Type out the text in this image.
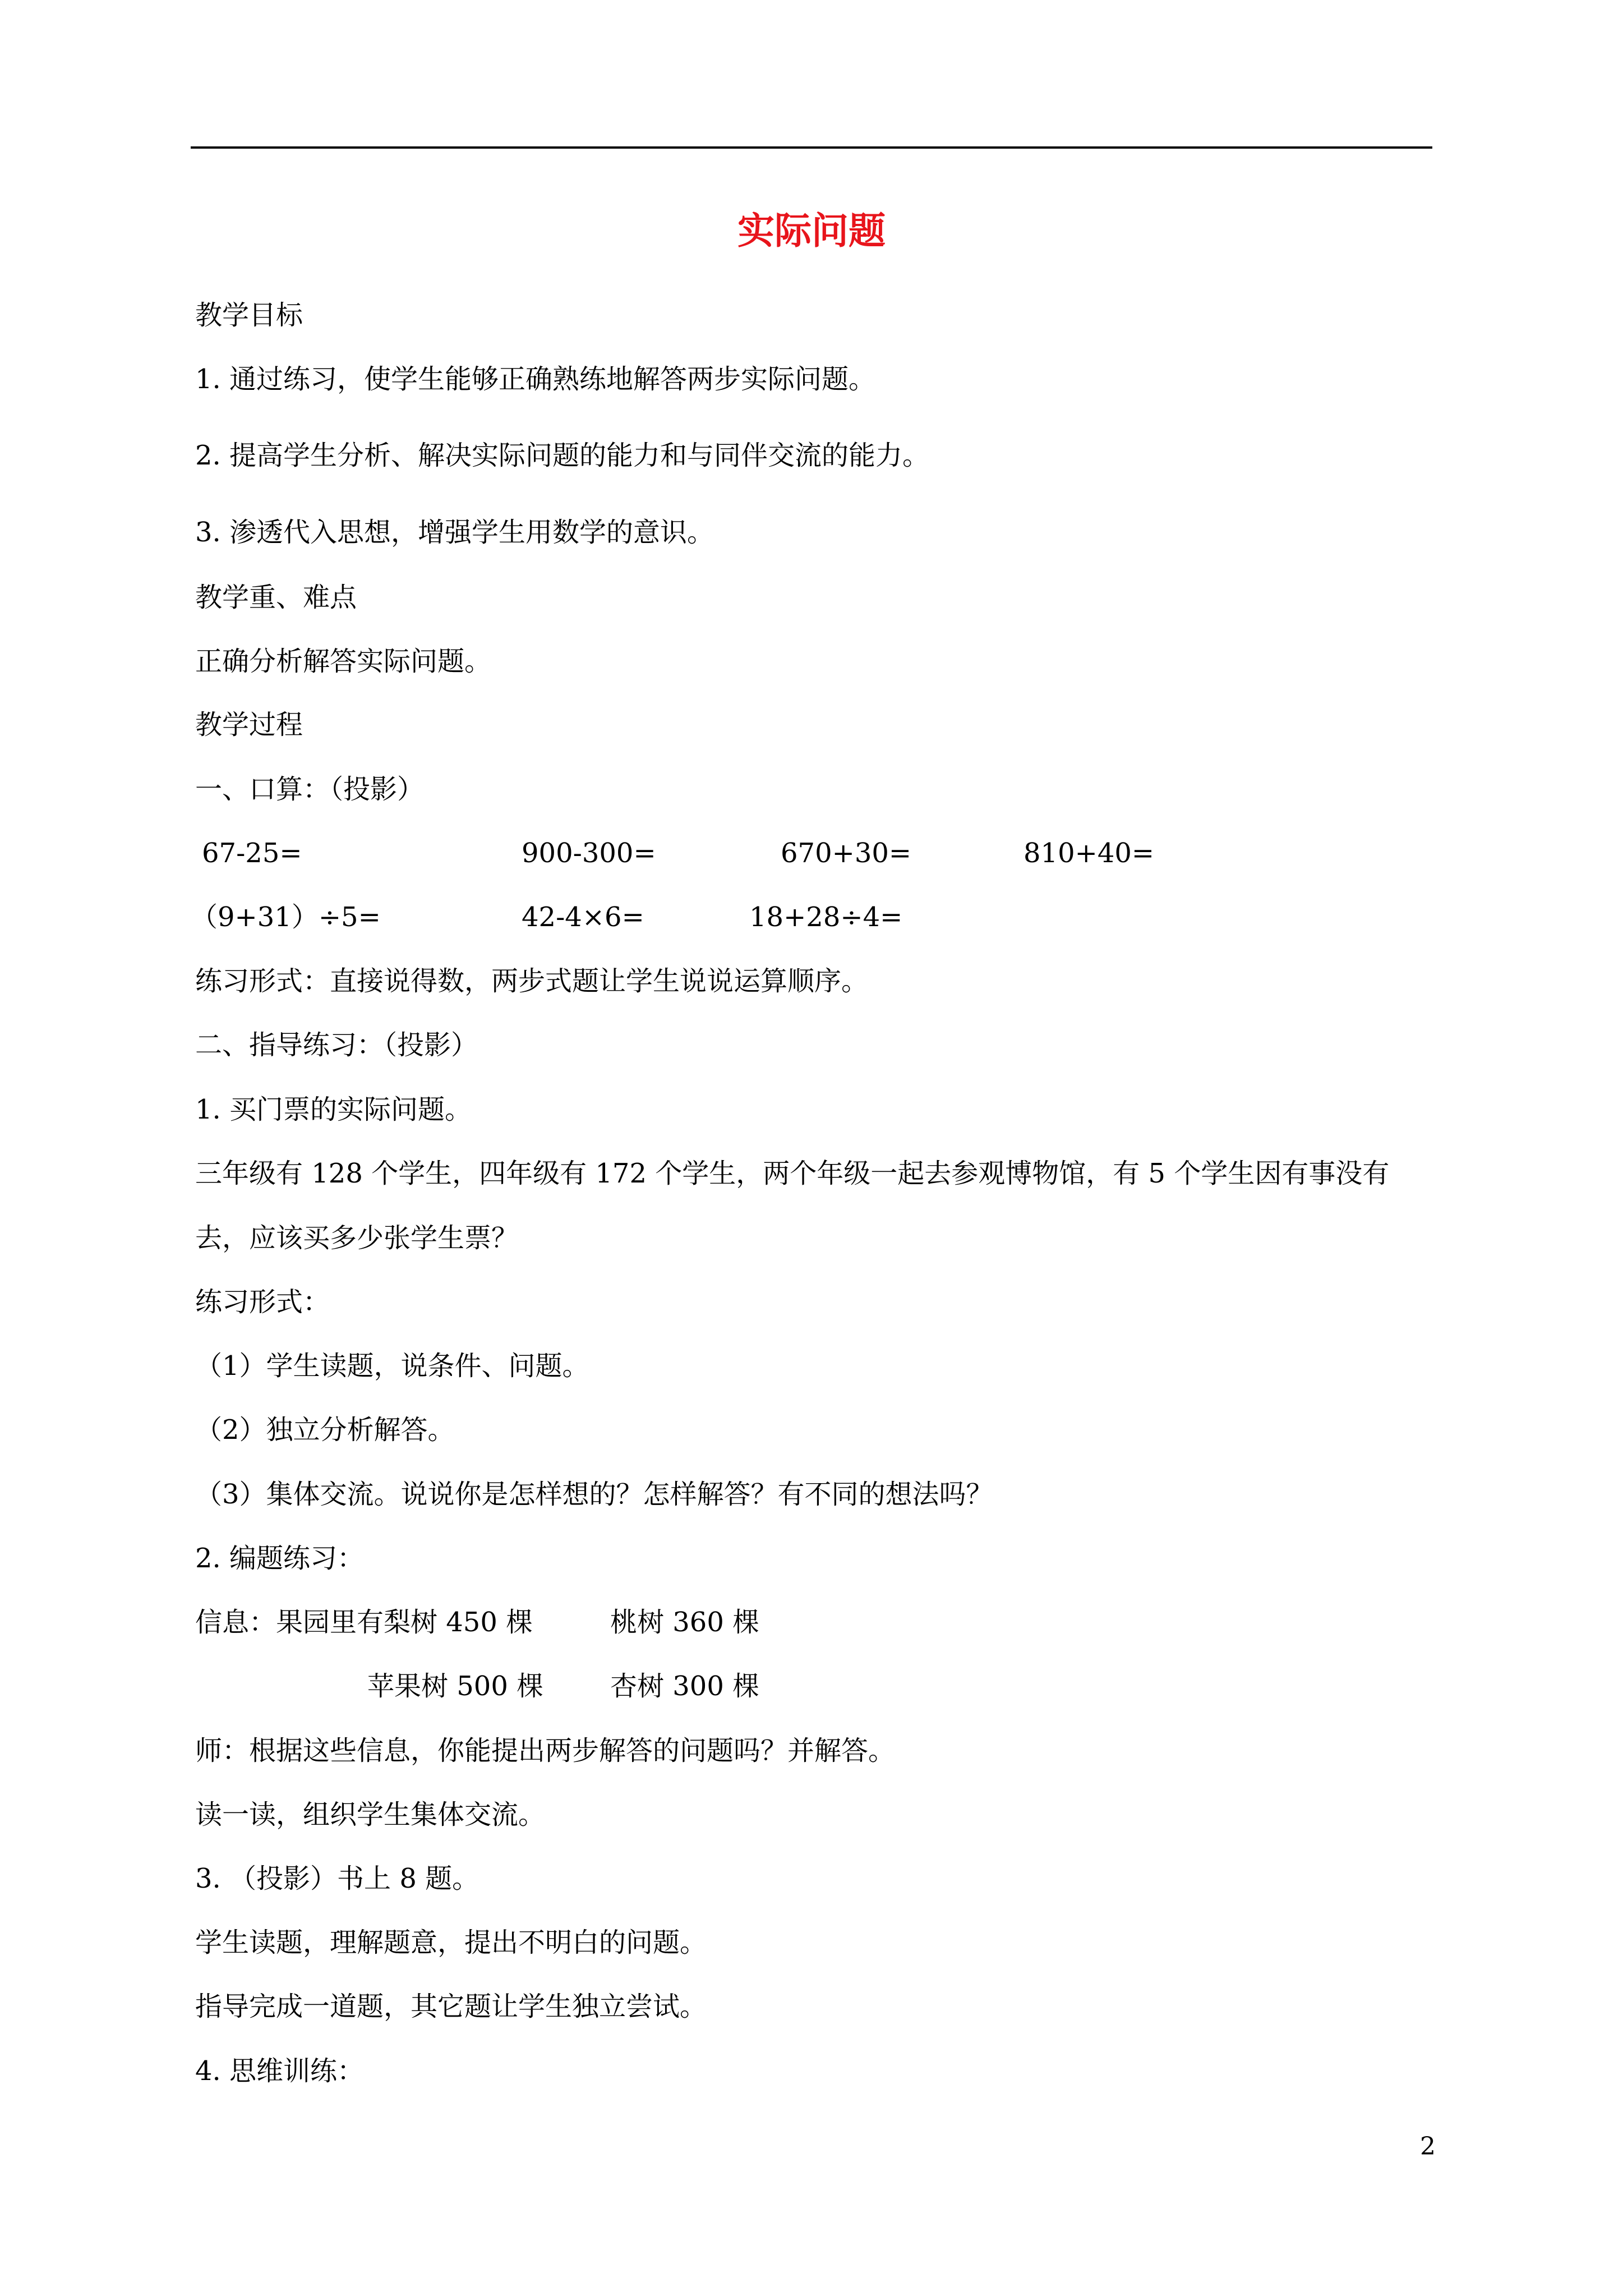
实际问题
教学目标
1. 通过练习，使学生能够正确熟练地解答两步实际问题。
2. 提高学生分析、解决实际问题的能力和与同伴交流的能力。
3. 渗透代入思想，增强学生用数学的意识。
教学重、难点
正确分析解答实际问题。
教学过程
一、口算：（投影）
67-25=	900-300=	670+30=	810+40=
（9+31）÷5=	42-4×6=	18+28÷4=
练习形式：直接说得数，两步式题让学生说说运算顺序。
二、指导练习：（投影）
1. 买门票的实际问题。
三年级有 128 个学生，四年级有 172 个学生，两个年级一起去参观博物馆，有 5 个学生因有事没有
去，应该买多少张学生票？
练习形式：
（1）学生读题，说条件、问题。
（2）独立分析解答。
（3）集体交流。说说你是怎样想的？怎样解答？有不同的想法吗？
2. 编题练习：
信息：果园里有梨树 450 棵	桃树 360 棵
苹果树 500 棵 杏树 300 棵
师：根据这些信息，你能提出两步解答的问题吗？并解答。
读一读，组织学生集体交流。
3. （投影）书上 8 题。
学生读题，理解题意，提出不明白的问题。
指导完成一道题，其它题让学生独立尝试。
4. 思维训练：
2
